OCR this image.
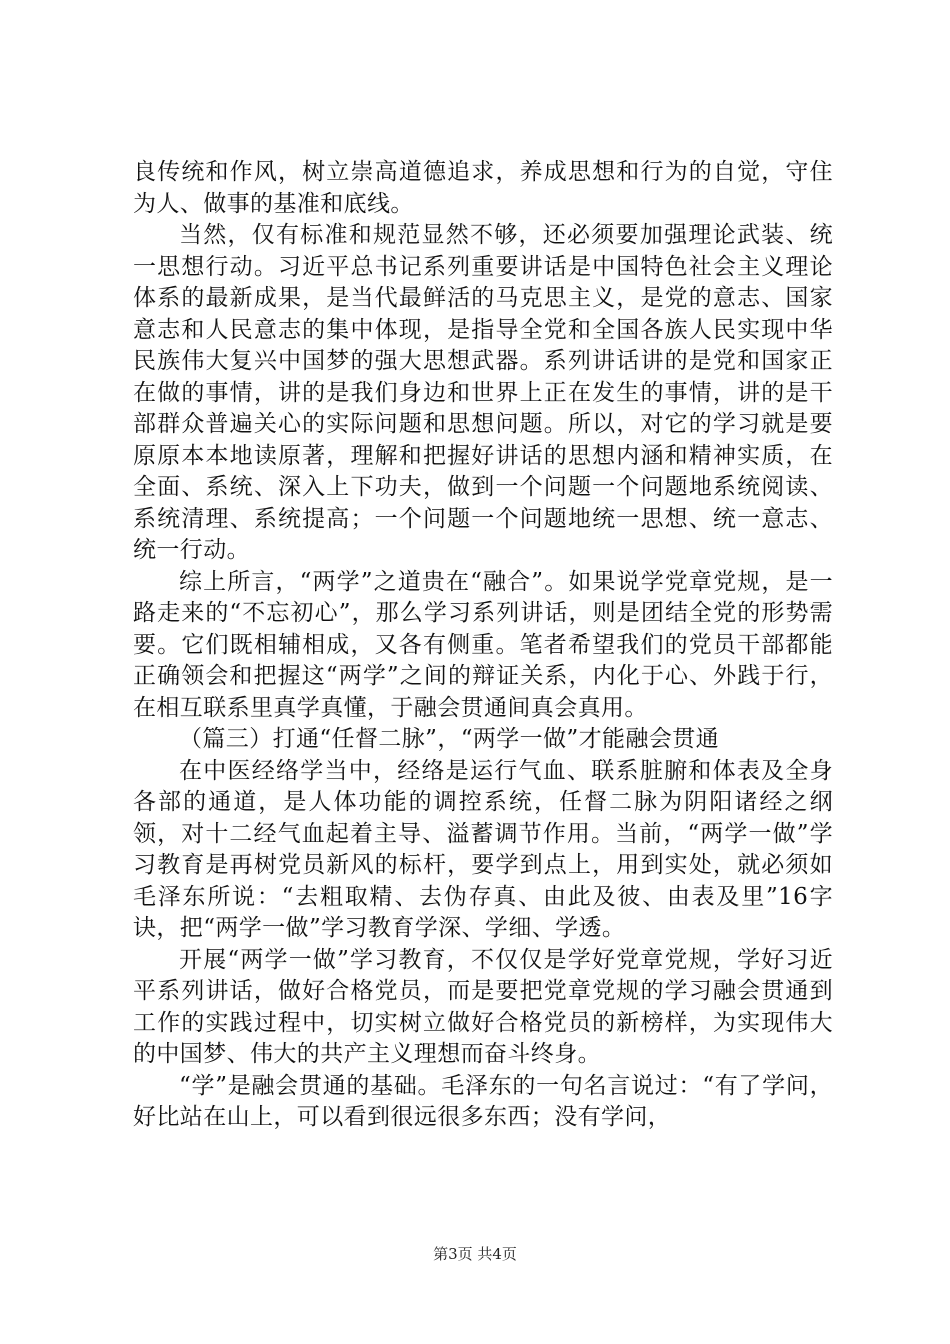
良传统和作风，树立崇高道德追求，养成思想和行为的自觉，守住为人、做事的基准和底线。

当然，仅有标准和规范显然不够，还必须要加强理论武装、统一思想行动。习近平总书记系列重要讲话是中国特色社会主义理论体系的最新成果，是当代最鲜活的马克思主义，是党的意志、国家意志和人民意志的集中体现，是指导全党和全国各族人民实现中华民族伟大复兴中国梦的强大思想武器。系列讲话讲的是党和国家正在做的事情，讲的是我们身边和世界上正在发生的事情，讲的是干部群众普遍关心的实际问题和思想问题。所以，对它的学习就是要原原本本地读原著，理解和把握好讲话的思想内涵和精神实质，在全面、系统、深入上下功夫，做到一个问题一个问题地系统阅读、系统清理、系统提高；一个问题一个问题地统一思想、统一意志、统一行动。

综上所言，“两学”之道贵在“融合”。如果说学党章党规，是一路走来的“不忘初心”，那么学习系列讲话，则是团结全党的形势需要。它们既相辅相成，又各有侧重。笔者希望我们的党员干部都能正确领会和把握这“两学”之间的辩证关系，内化于心、外践于行，在相互联系里真学真懂，于融会贯通间真会真用。

（篇三）打通“任督二脉”，“两学一做”才能融会贯通

在中医经络学当中，经络是运行气血、联系脏腑和体表及全身各部的通道，是人体功能的调控系统，任督二脉为阴阳诸经之纲领，对十二经气血起着主导、溢蓄调节作用。当前，“两学一做”学习教育是再树党员新风的标杆，要学到点上，用到实处，就必须如毛泽东所说：“去粗取精、去伪存真、由此及彼、由表及里”16字诀，把“两学一做”学习教育学深、学细、学透。

开展“两学一做”学习教育，不仅仅是学好党章党规，学好习近平系列讲话，做好合格党员，而是要把党章党规的学习融会贯通到工作的实践过程中，切实树立做好合格党员的新榜样，为实现伟大的中国梦、伟大的共产主义理想而奋斗终身。

“学”是融会贯通的基础。毛泽东的一句名言说过：“有了学问，好比站在山上，可以看到很远很多东西；没有学问，

第3页 共4页
